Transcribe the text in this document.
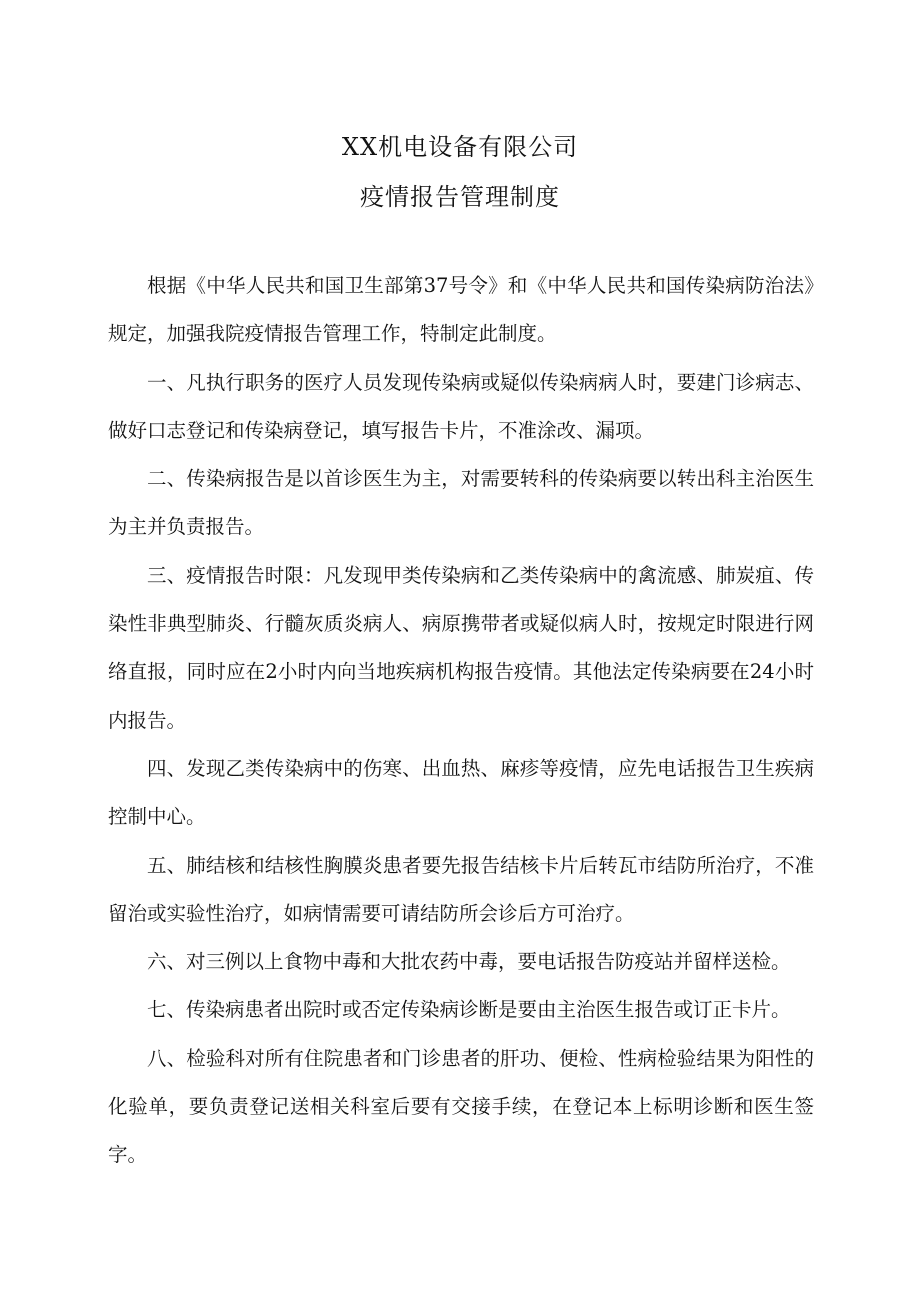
XX机电设备有限公司
疫情报告管理制度

根据《中华人民共和国卫生部第37号令》和《中华人民共和国传染病防治法》规定，加强我院疫情报告管理工作，特制定此制度。

一、凡执行职务的医疗人员发现传染病或疑似传染病病人时，要建门诊病志、做好口志登记和传染病登记，填写报告卡片，不准涂改、漏项。

二、传染病报告是以首诊医生为主，对需要转科的传染病要以转出科主治医生为主并负责报告。

三、疫情报告时限：凡发现甲类传染病和乙类传染病中的禽流感、肺炭疽、传染性非典型肺炎、行髓灰质炎病人、病原携带者或疑似病人时，按规定时限进行网络直报，同时应在2小时内向当地疾病机构报告疫情。其他法定传染病要在24小时内报告。

四、发现乙类传染病中的伤寒、出血热、麻疹等疫情，应先电话报告卫生疾病控制中心。

五、肺结核和结核性胸膜炎患者要先报告结核卡片后转瓦市结防所治疗，不准留治或实验性治疗，如病情需要可请结防所会诊后方可治疗。

六、对三例以上食物中毒和大批农药中毒，要电话报告防疫站并留样送检。

七、传染病患者出院时或否定传染病诊断是要由主治医生报告或订正卡片。

八、检验科对所有住院患者和门诊患者的肝功、便检、性病检验结果为阳性的化验单，要负责登记送相关科室后要有交接手续，在登记本上标明诊断和医生签字。
